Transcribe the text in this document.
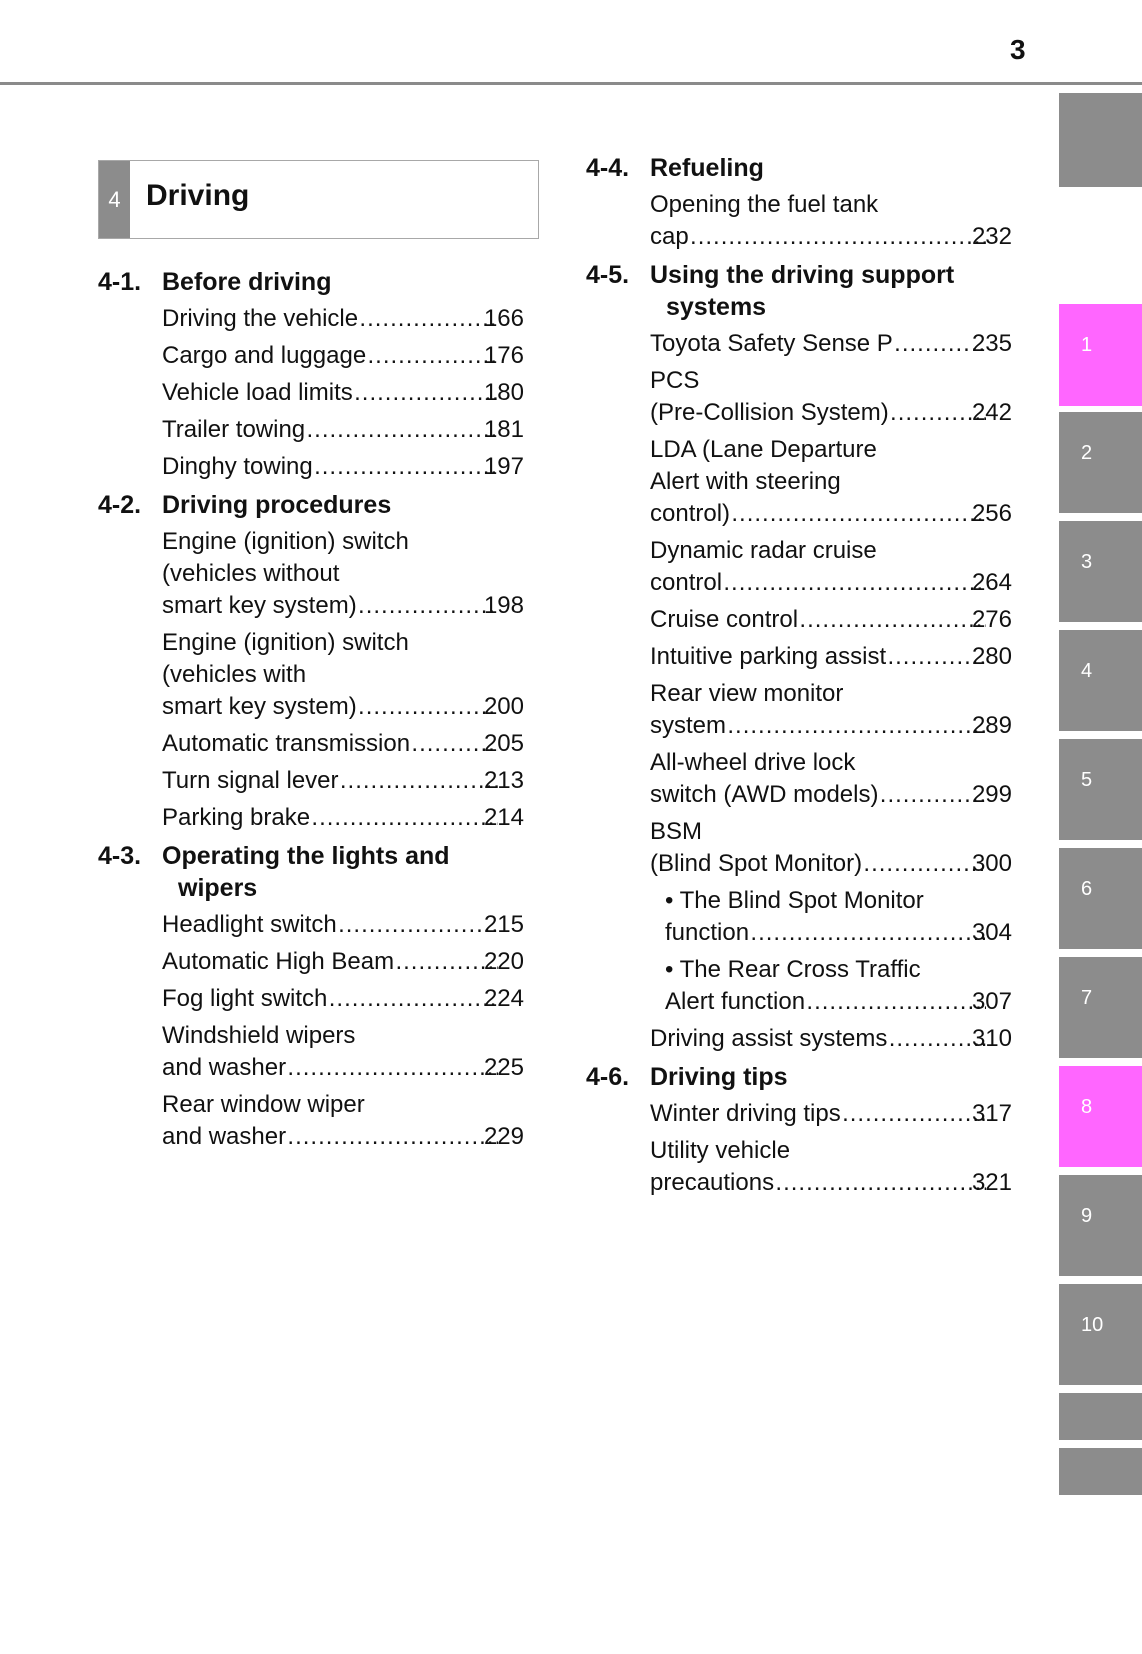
3
4 Driving
4-1. Before driving
Driving the vehicle .....	166
Cargo and luggage .....	176
Vehicle load limits .....	180
Trailer towing .....	181
Dinghy towing .....	197
4-2. Driving procedures
Engine (ignition) switch
(vehicles without
smart key system) .....	198
Engine (ignition) switch
(vehicles with
smart key system) .....	200
Automatic transmission .....	205
Turn signal lever .....	213
Parking brake .....	214
4-3. Operating the lights and wipers
Headlight switch .....	215
Automatic High Beam .....	220
Fog light switch .....	224
Windshield wipers
and washer .....	225
Rear window wiper
and washer .....	229
4-4. Refueling
Opening the fuel tank
cap .....	232
4-5. Using the driving support systems
Toyota Safety Sense P .....	235
PCS
(Pre-Collision System) .....	242
LDA (Lane Departure
Alert with steering
control) .....	256
Dynamic radar cruise
control .....	264
Cruise control .....	276
Intuitive parking assist .....	280
Rear view monitor
system .....	289
All-wheel drive lock
switch (AWD models) .....	299
BSM
(Blind Spot Monitor) .....	300
• The Blind Spot Monitor
function .....	304
• The Rear Cross Traffic
Alert function .....	307
Driving assist systems .....	310
4-6. Driving tips
Winter driving tips .....	317
Utility vehicle
precautions .....	321
1
2
3
4
5
6
7
8
9
10
